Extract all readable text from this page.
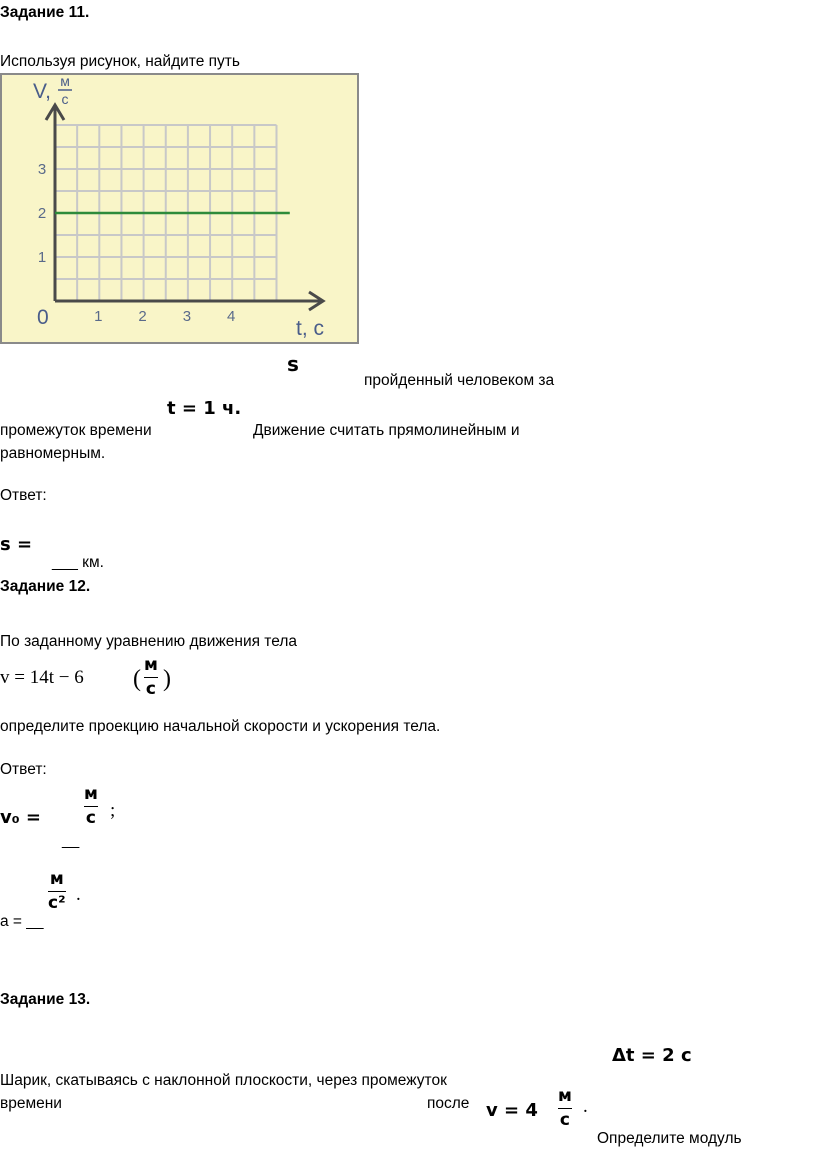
Задание 11.
Используя рисунок, найдите путь
1 2 3 4
1
2
3
0	t, c
V, м
с
s
пройденный человеком за
t = 1 ч.
промежуток времени	Движение считать прямолинейным и
равномерным.
Ответ:
s =
___ км.
Задание 12.
По заданному уравнению движения тела
v = 14t − 6 (
м
с )
определите проекцию начальной скорости и ускорения тела.
Ответ:
v₀ =
__
м
с ;
м
с² .
a = __
Задание 13.
Δt = 2 с
Шарик, скатываясь с наклонной плоскости, через промежуток
времени	после v = 4
м
с
.
Определите модуль
